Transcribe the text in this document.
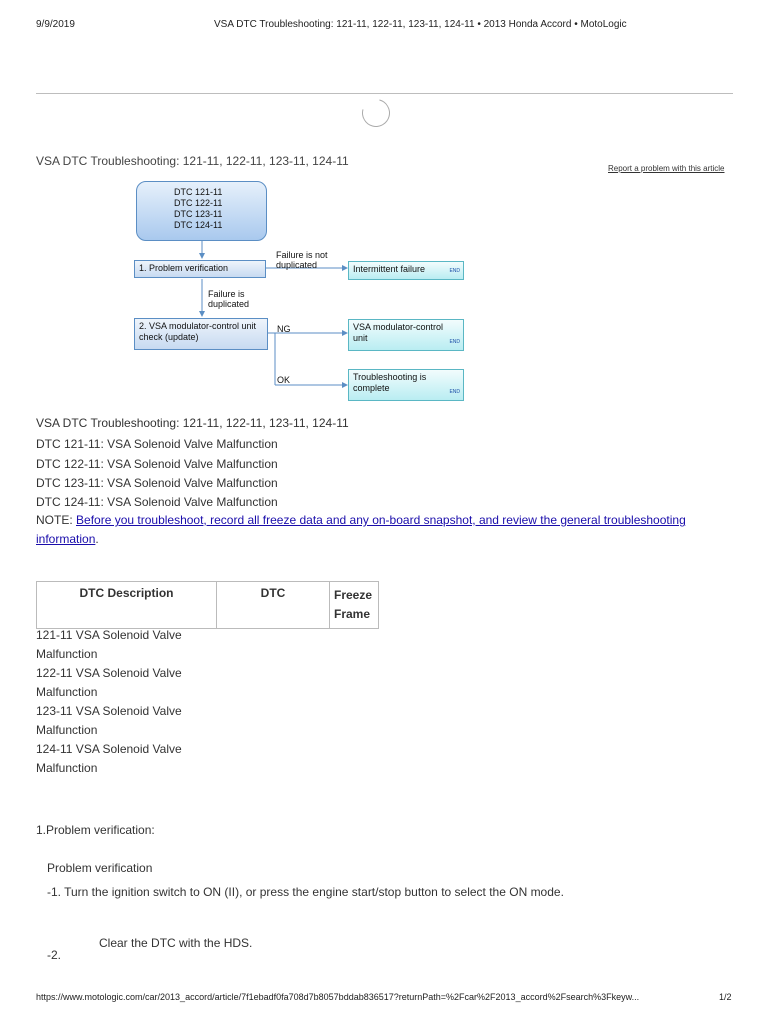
9/9/2019	VSA DTC Troubleshooting: 121-11, 122-11, 123-11, 124-11 • 2013 Honda Accord • MotoLogic
VSA DTC Troubleshooting: 121-11, 122-11, 123-11, 124-11
Report a problem with this article
DTC 121-11
DTC 122-11
DTC 123-11
DTC 124-11
1. Problem verification
Failure is not duplicated	Intermittent failure	END
Failure is duplicated
2. VSA modulator-control unit check (update)
NG	VSA modulator-control unit	END
OK	Troubleshooting is complete	END
VSA DTC Troubleshooting: 121-11, 122-11, 123-11, 124-11
DTC 121-11: VSA Solenoid Valve Malfunction
DTC 122-11: VSA Solenoid Valve Malfunction
DTC 123-11: VSA Solenoid Valve Malfunction
DTC 124-11: VSA Solenoid Valve Malfunction
NOTE: Before you troubleshoot, record all freeze data and any on-board snapshot, and review the general troubleshooting information.
DTC Description	DTC	Freeze Frame
121-11 VSA Solenoid Valve Malfunction
122-11 VSA Solenoid Valve Malfunction
123-11 VSA Solenoid Valve Malfunction
124-11 VSA Solenoid Valve Malfunction
1.Problem verification:
Problem verification
-1. Turn the ignition switch to ON (II), or press the engine start/stop button to select the ON mode.
-2.
Clear the DTC with the HDS.
https://www.motologic.com/car/2013_accord/article/7f1ebadf0fa708d7b8057bddab836517?returnPath=%2Fcar%2F2013_accord%2Fsearch%3Fkeyw...	1/2
